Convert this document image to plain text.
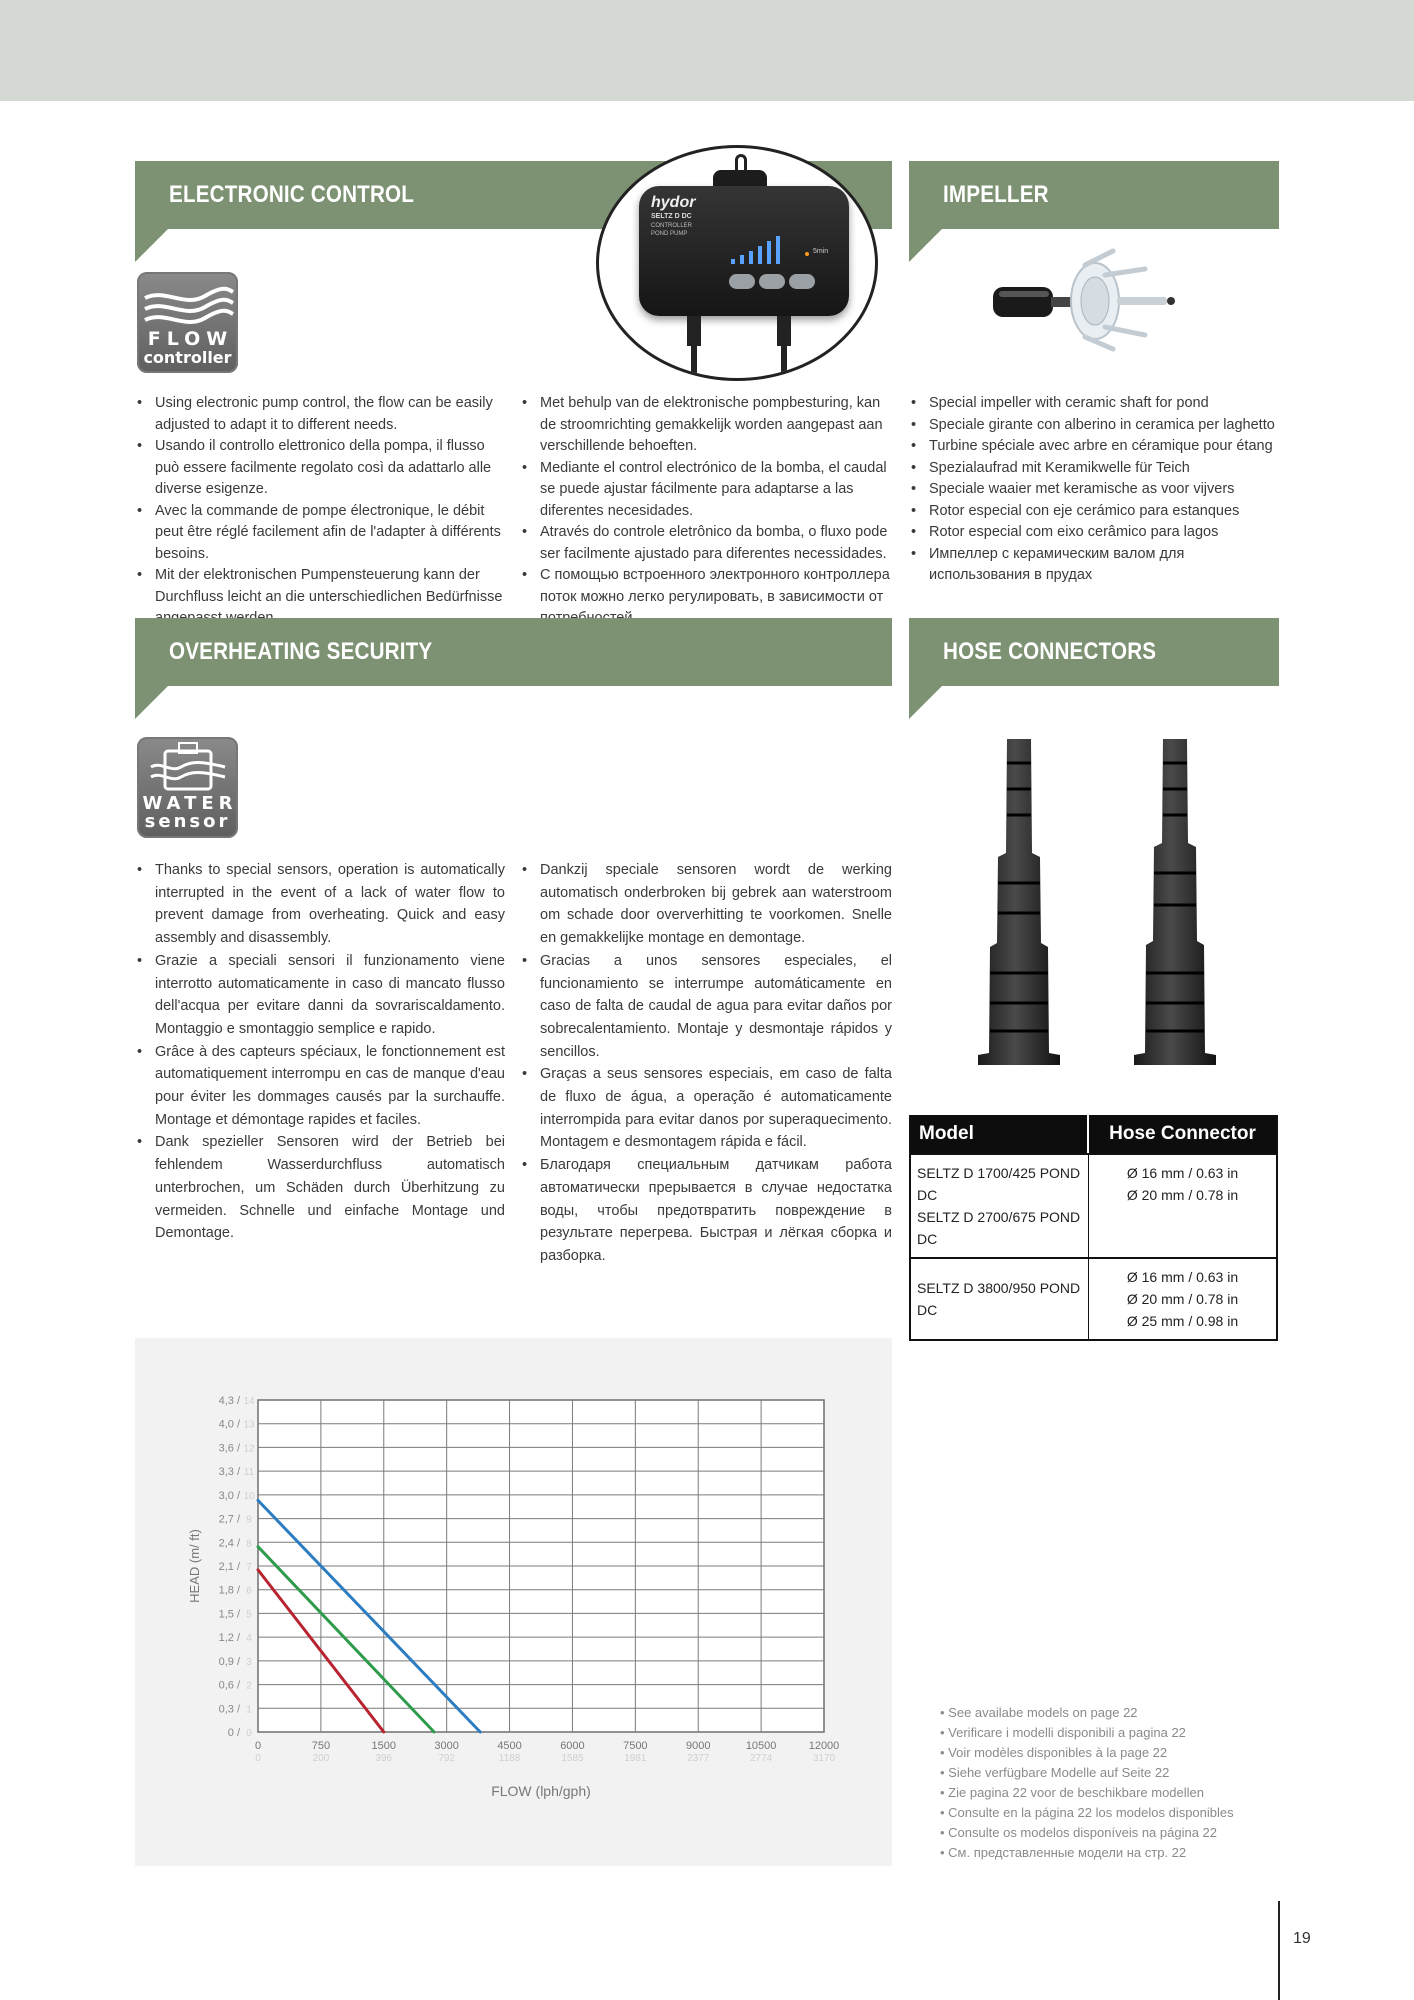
ELECTRONIC CONTROL	hydor
SELTZ D DC
CONTROLLER
POND PUMP
5min
FLOW
controller
• Using electronic pump control, the flow can be easily adjusted to adapt it to different needs.
• Usando il controllo elettronico della pompa, il flusso può essere facilmente regolato così da adattarlo alle diverse esigenze.
• Avec la commande de pompe électronique, le débit peut être réglé facilement afin de l'adapter à différents besoins.
• Mit der elektronischen Pumpensteuerung kann der Durchfluss leicht an die unterschiedlichen Bedürfnisse
• Met behulp van de elektronische pompbesturing, kan de stroomrichting gemakkelijk worden aangepast aan verschillende behoeften.
• Mediante el control electrónico de la bomba, el caudal se puede ajustar fácilmente para adaptarse a las diferentes necesidades.
• Através do controle eletrônico da bomba, o fluxo pode ser facilmente ajustado para diferentes necessidades.
• С помощью встроенного электронного контроллера поток можно легко регулировать, в зависимости от
IMPELLER
• Special impeller with ceramic shaft for pond
• Speciale girante con alberino in ceramica per laghetto
• Turbine spéciale avec arbre en céramique pour étang
• Spezialaufrad mit Keramikwelle für Teich
• Speciale waaier met keramische as voor vijvers
• Rotor especial con eje cerámico para estanques
• Rotor especial com eixo cerâmico para lagos
• Импеллер с керамическим валом для использования в прудах
OVERHEATING SECURITY
WATER
sensor
• Thanks to special sensors, operation is automatically interrupted in the event of a lack of water flow to prevent damage from overheating. Quick and easy assembly and disassembly.
• Grazie a speciali sensori il funzionamento viene interrotto automaticamente in caso di mancato flusso dell'acqua per evitare danni da sovrariscaldamento. Montaggio e smontaggio semplice e rapido.
• Grâce à des capteurs spéciaux, le fonctionnement est automatiquement interrompu en cas de manque d'eau pour éviter les dommages causés par la surchauffe. Montage et démontage rapides et faciles.
• Dank spezieller Sensoren wird der Betrieb bei fehlendem Wasserdurchfluss automatisch unterbrochen, um Schäden durch Überhitzung zu vermeiden. Schnelle und einfache Montage und Demontage.
• Dankzij speciale sensoren wordt de werking automatisch onderbroken bij gebrek aan waterstroom om schade door oververhitting te voorkomen. Snelle en gemakkelijke montage en demontage.
• Gracias a unos sensores especiales, el funcionamiento se interrumpe automáticamente en caso de falta de caudal de agua para evitar daños por sobrecalentamiento. Montaje y desmontaje rápidos y sencillos.
• Graças a seus sensores especiais, em caso de falta de fluxo de água, a operação é automaticamente interrompida para evitar danos por superaquecimento. Montagem e desmontagem rápida e fácil.
• Благодаря специальным датчикам работа автоматически прерывается в случае недостатка воды, чтобы предотвратить повреждение в результате перегрева. Быстрая и лёгкая сборка и разборка.
HOSE CONNECTORS
Model	Hose Connector
SELTZ D 1700/425 POND DC
SELTZ D 2700/675 POND DC
Ø 16 mm / 0.63 in
Ø 20 mm / 0.78 in
SELTZ D 3800/950 POND DC
Ø 16 mm / 0.63 in
Ø 20 mm / 0.78 in
Ø 25 mm / 0.98 in
0
0
750
200
1500
396
3000
792
4500
1188
6000
1585
7500
1981
9000
2377
10500
2774
12000
3170
0 / 0
0,3 / 1
0,6 / 2
0,9 / 3
1,2 / 4
1,5 / 5
1,8 / 6
2,1 / 7
2,4 / 8
2,7 / 9
3,0 / 10
3,3 / 11
3,6 / 12
4,0 / 13
4,3 / 14
FLOW (lph/gph)
HEAD (m/ ft)
• See availabe models on page 22
• Verificare i modelli disponibili a pagina 22
• Voir modèles disponibles à la page 22
• Siehe verfügbare Modelle auf Seite 22
• Zie pagina 22 voor de beschikbare modellen
• Consulte en la página 22 los modelos disponibles
• Consulte os modelos disponíveis na página 22
• См. представленные модели на стр. 22
19
